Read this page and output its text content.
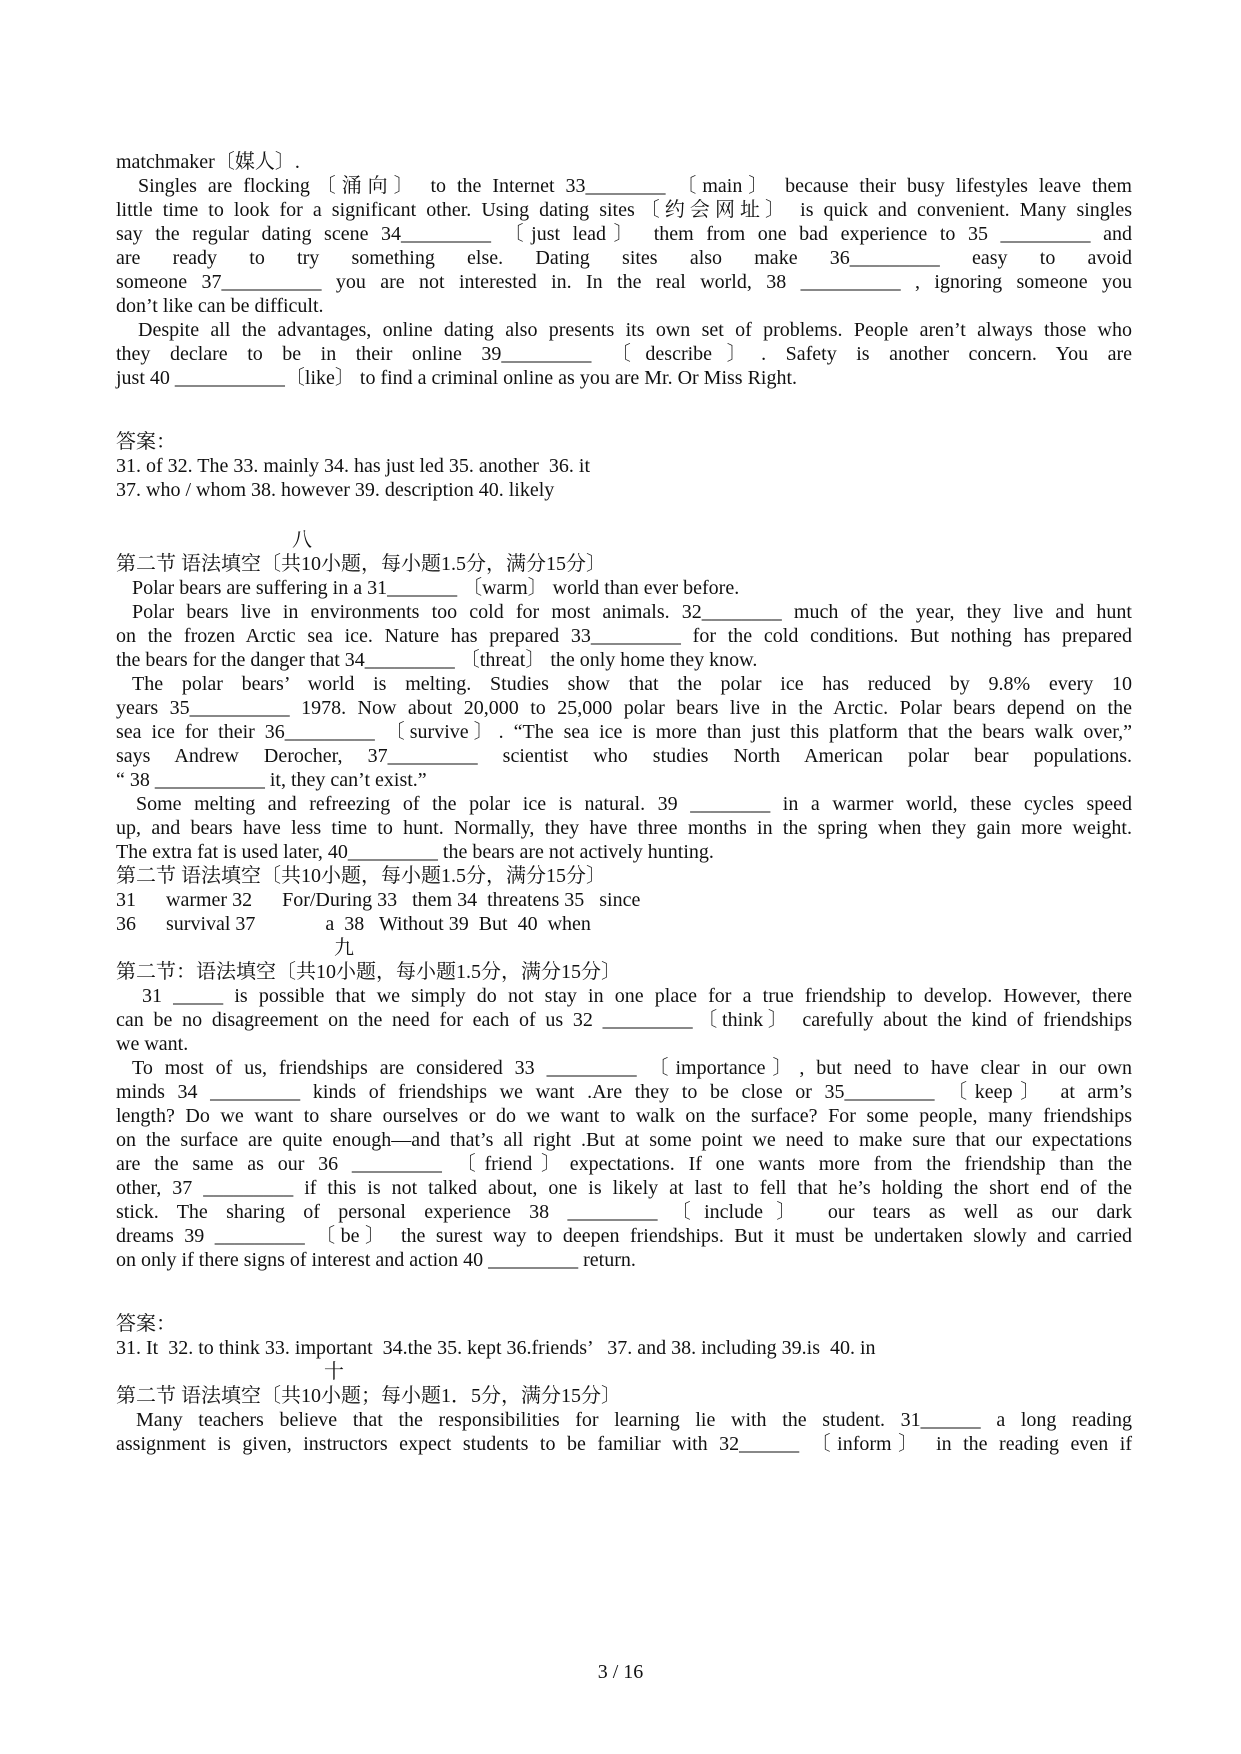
matchmaker〔媒人〕.
Singles are flocking〔涌向〕 to the Internet 33________ 〔main〕 because their busy lifestyles leave them
little time to look for a significant other. Using dating sites〔约会网址〕 is quick and convenient. Many singles
say the regular dating scene 34_________ 〔just lead〕 them from one bad experience to 35 _________ and
are ready to try something else. Dating sites also make 36_________ easy to avoid
someone 37__________ you are not interested in. In the real world, 38 __________ , ignoring someone you
don’t like can be difficult.
Despite all the advantages, online dating also presents its own set of problems. People aren’t always those who
they declare to be in their online 39_________ 〔describe〕. Safety is another concern. You are
just 40 ___________〔like〕 to find a criminal online as you are Mr. Or Miss Right.
答案：
31. of 32. The 33. mainly 34. has just led 35. another  36. it
37. who / whom 38. however 39. description 40. likely
八
第二节 语法填空〔共10小题，每小题1.5分，满分15分〕
Polar bears are suffering in a 31_______ 〔warm〕 world than ever before.
Polar bears live in environments too cold for most animals. 32________ much of the year, they live and hunt
on the frozen Arctic sea ice. Nature has prepared 33_________ for the cold conditions. But nothing has prepared
the bears for the danger that 34_________ 〔threat〕 the only home they know.
The polar bears’ world is melting. Studies show that the polar ice has reduced by 9.8% every 10
years 35__________ 1978. Now about 20,000 to 25,000 polar bears live in the Arctic. Polar bears depend on the
sea ice for their 36_________ 〔survive〕. “The sea ice is more than just this platform that the bears walk over,”
says Andrew Derocher, 37_________ scientist who studies North American polar bear populations.
“ 38 ___________ it, they can’t exist.”
Some melting and refreezing of the polar ice is natural. 39 ________ in a warmer world, these cycles speed
up, and bears have less time to hunt. Normally, they have three months in the spring when they gain more weight.
The extra fat is used later, 40_________ the bears are not actively hunting.
第二节 语法填空〔共10小题，每小题1.5分，满分15分〕
31      warmer 32      For/During 33   them 34  threatens 35   since
36      survival 37              a  38   Without 39  But  40  when
九
第二节：语法填空〔共10小题，每小题1.5分，满分15分〕
31 _____ is possible that we simply do not stay in one place for a true friendship to develop. However, there
can be no disagreement on the need for each of us 32 _________〔think〕 carefully about the kind of friendships
we want.
To most of us, friendships are considered 33 _________ 〔importance〕, but need to have clear in our own
minds 34 _________ kinds of friendships we want .Are they to be close or 35_________ 〔keep〕 at arm’s
length? Do we want to share ourselves or do we want to walk on the surface? For some people, many friendships
on the surface are quite enough—and that’s all right .But at some point we need to make sure that our expectations
are the same as our 36 _________ 〔friend〕expectations. If one wants more from the friendship than the
other, 37 _________ if this is not talked about, one is likely at last to fell that he’s holding the short end of the
stick. The sharing of personal experience 38 _________〔include〕 our tears as well as our dark
dreams 39 _________ 〔be〕 the surest way to deepen friendships. But it must be undertaken slowly and carried
on only if there signs of interest and action 40 _________ return.
答案：
31. It  32. to think 33. important  34.the 35. kept 36.friends’   37. and 38. including 39.is  40. in
十
第二节 语法填空〔共10小题；每小题1．5分，满分15分〕
Many teachers believe that the responsibilities for learning lie with the student. 31______ a long reading
assignment is given, instructors expect students to be familiar with 32______ 〔inform〕 in the reading even if
3 / 16
